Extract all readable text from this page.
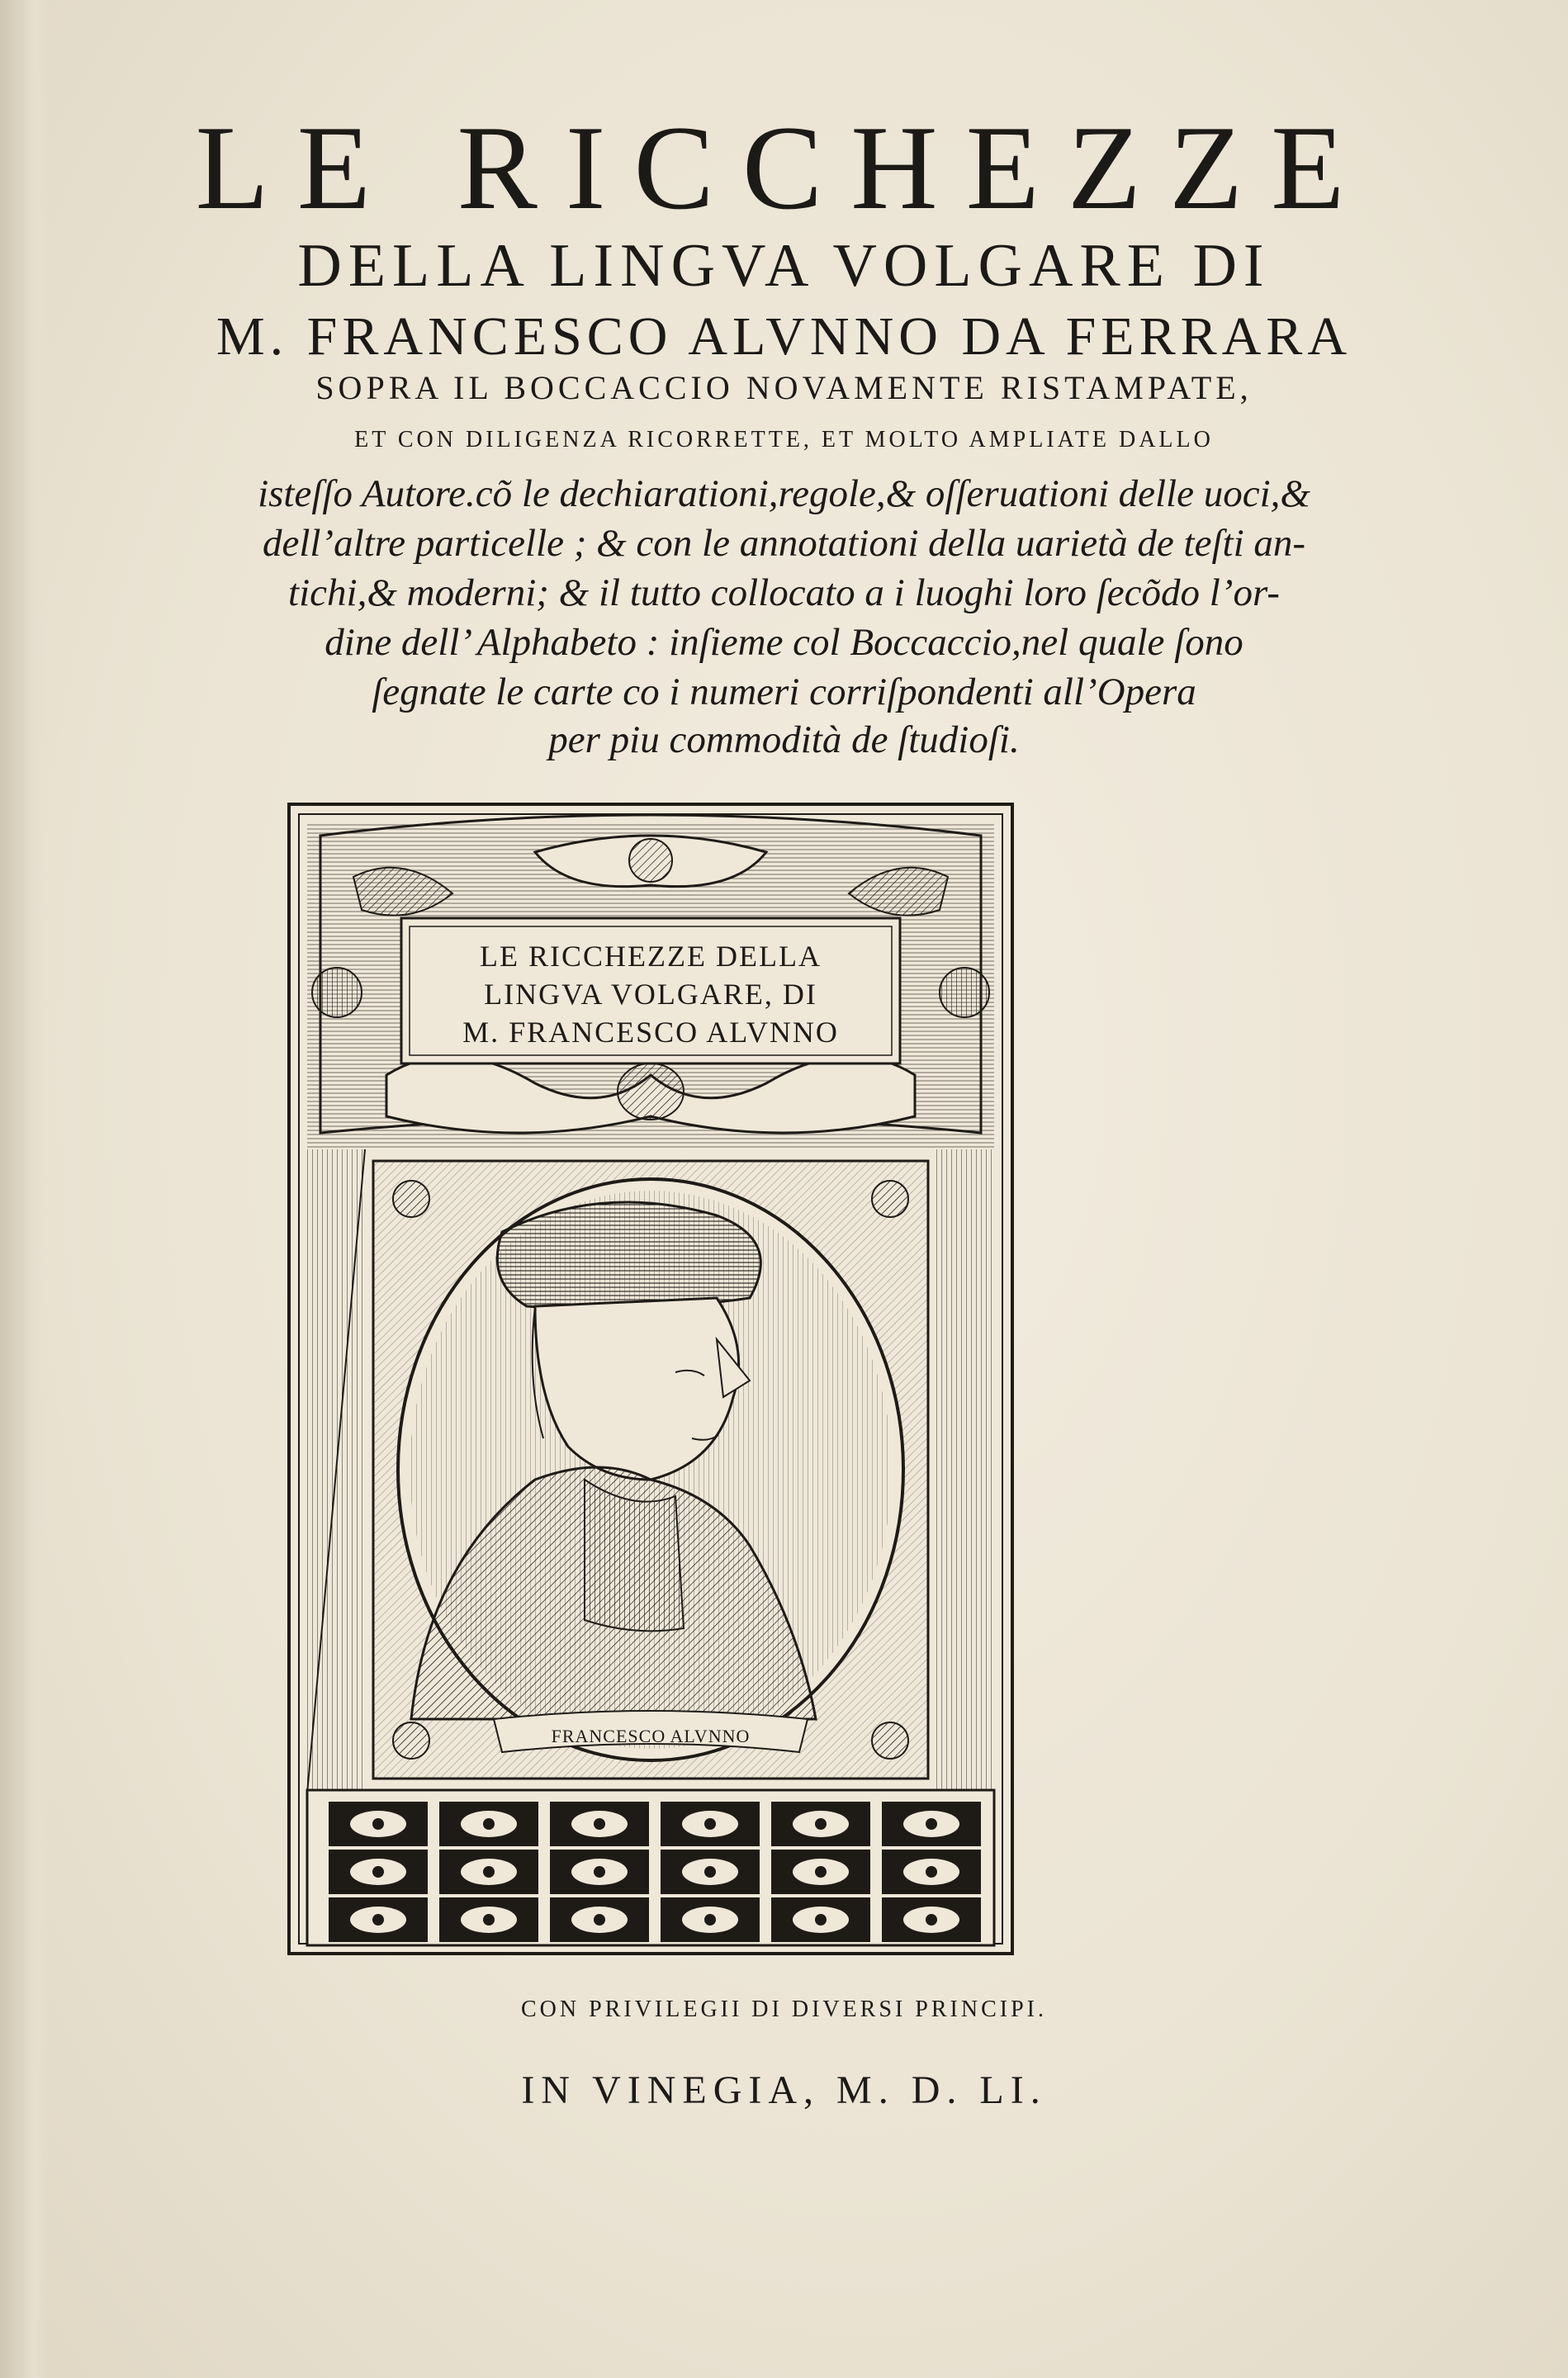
LE RICCHEZZE
DELLA LINGVA VOLGARE DI
M. FRANCESCO ALVNNO DA FERRARA
SOPRA IL BOCCACCIO NOVAMENTE RISTAMPATE,
ET CON DILIGENZA RICORRETTE, ET MOLTO AMPLIATE DALLO
isteſſo Autore.cõ le dechiarationi,regole,& oſſeruationi delle uoci,&
dell’altre particelle ; & con le annotationi della uarietà de teſti an-
tichi,& moderni; & il tutto collocato a i luoghi loro ſecõdo l’or-
dine dell’ Alphabeto : inſieme col Boccaccio,nel quale ſono
ſegnate le carte co i numeri corriſpondenti all’Opera
per piu commodità de ſtudioſi.
LE RICCHEZZE DELLA
LINGVA VOLGARE, DI
M. FRANCESCO ALVNNO
FRANCESCO ALVNNO
CON PRIVILEGII DI DIVERSI PRINCIPI.
IN VINEGIA, M. D. LI.
